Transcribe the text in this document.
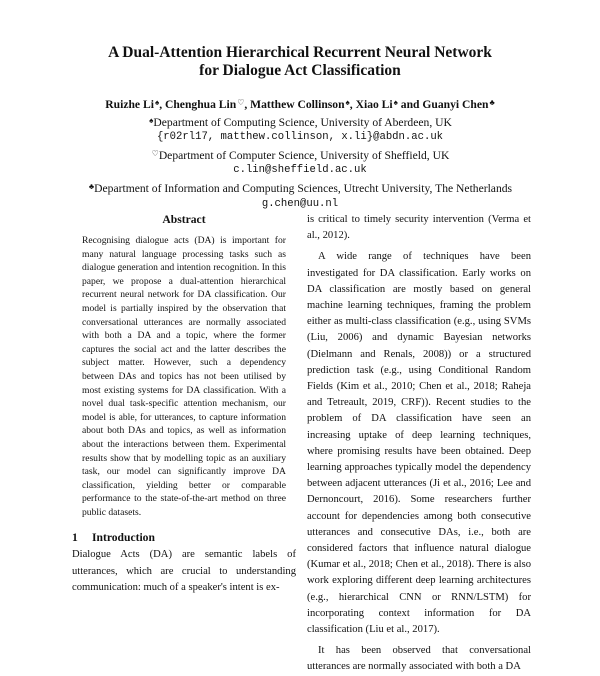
A Dual-Attention Hierarchical Recurrent Neural Network
for Dialogue Act Classification
Ruizhe Li♠, Chenghua Lin♡, Matthew Collinson♠, Xiao Li♠ and Guanyi Chen♣
♠Department of Computing Science, University of Aberdeen, UK
{r02rl17, matthew.collinson, x.li}@abdn.ac.uk
♡Department of Computer Science, University of Sheffield, UK
c.lin@sheffield.ac.uk
♣Department of Information and Computing Sciences, Utrecht University, The Netherlands
g.chen@uu.nl
Abstract

Recognising dialogue acts (DA) is important for many natural language processing tasks such as dialogue generation and intention recognition. In this paper, we propose a dual-attention hierarchical recurrent neural network for DA classification. Our model is partially inspired by the observation that conversational utterances are normally associated with both a DA and a topic, where the former captures the social act and the latter describes the subject matter. However, such a dependency between DAs and topics has not been utilised by most existing systems for DA classification. With a novel dual task-specific attention mechanism, our model is able, for utterances, to capture information about both DAs and topics, as well as information about the interactions between them. Experimental results show that by modelling topic as an auxiliary task, our model can significantly improve DA classification, yielding better or comparable performance to the state-of-the-art method on three public datasets.

1 Introduction

Dialogue Acts (DA) are semantic labels of utterances, which are crucial to understanding communication: much of a speaker's intent is ex-

is critical to timely security intervention (Verma et al., 2012).

A wide range of techniques have been investigated for DA classification. Early works on DA classification are mostly based on general machine learning techniques, framing the problem either as multi-class classification (e.g., using SVMs (Liu, 2006) and dynamic Bayesian networks (Dielmann and Renals, 2008)) or a structured prediction task (e.g., using Conditional Random Fields (Kim et al., 2010; Chen et al., 2018; Raheja and Tetreault, 2019, CRF)). Recent studies to the problem of DA classification have seen an increasing uptake of deep learning techniques, where promising results have been obtained. Deep learning approaches typically model the dependency between adjacent utterances (Ji et al., 2016; Lee and Dernoncourt, 2016). Some researchers further account for dependencies among both consecutive utterances and consecutive DAs, i.e., both are considered factors that influence natural dialogue (Kumar et al., 2018; Chen et al., 2018). There is also work exploring different deep learning architectures (e.g., hierarchical CNN or RNN/LSTM) for incorporating context information for DA classification (Liu et al., 2017).

It has been observed that conversational utterances are normally associated with both a DA
